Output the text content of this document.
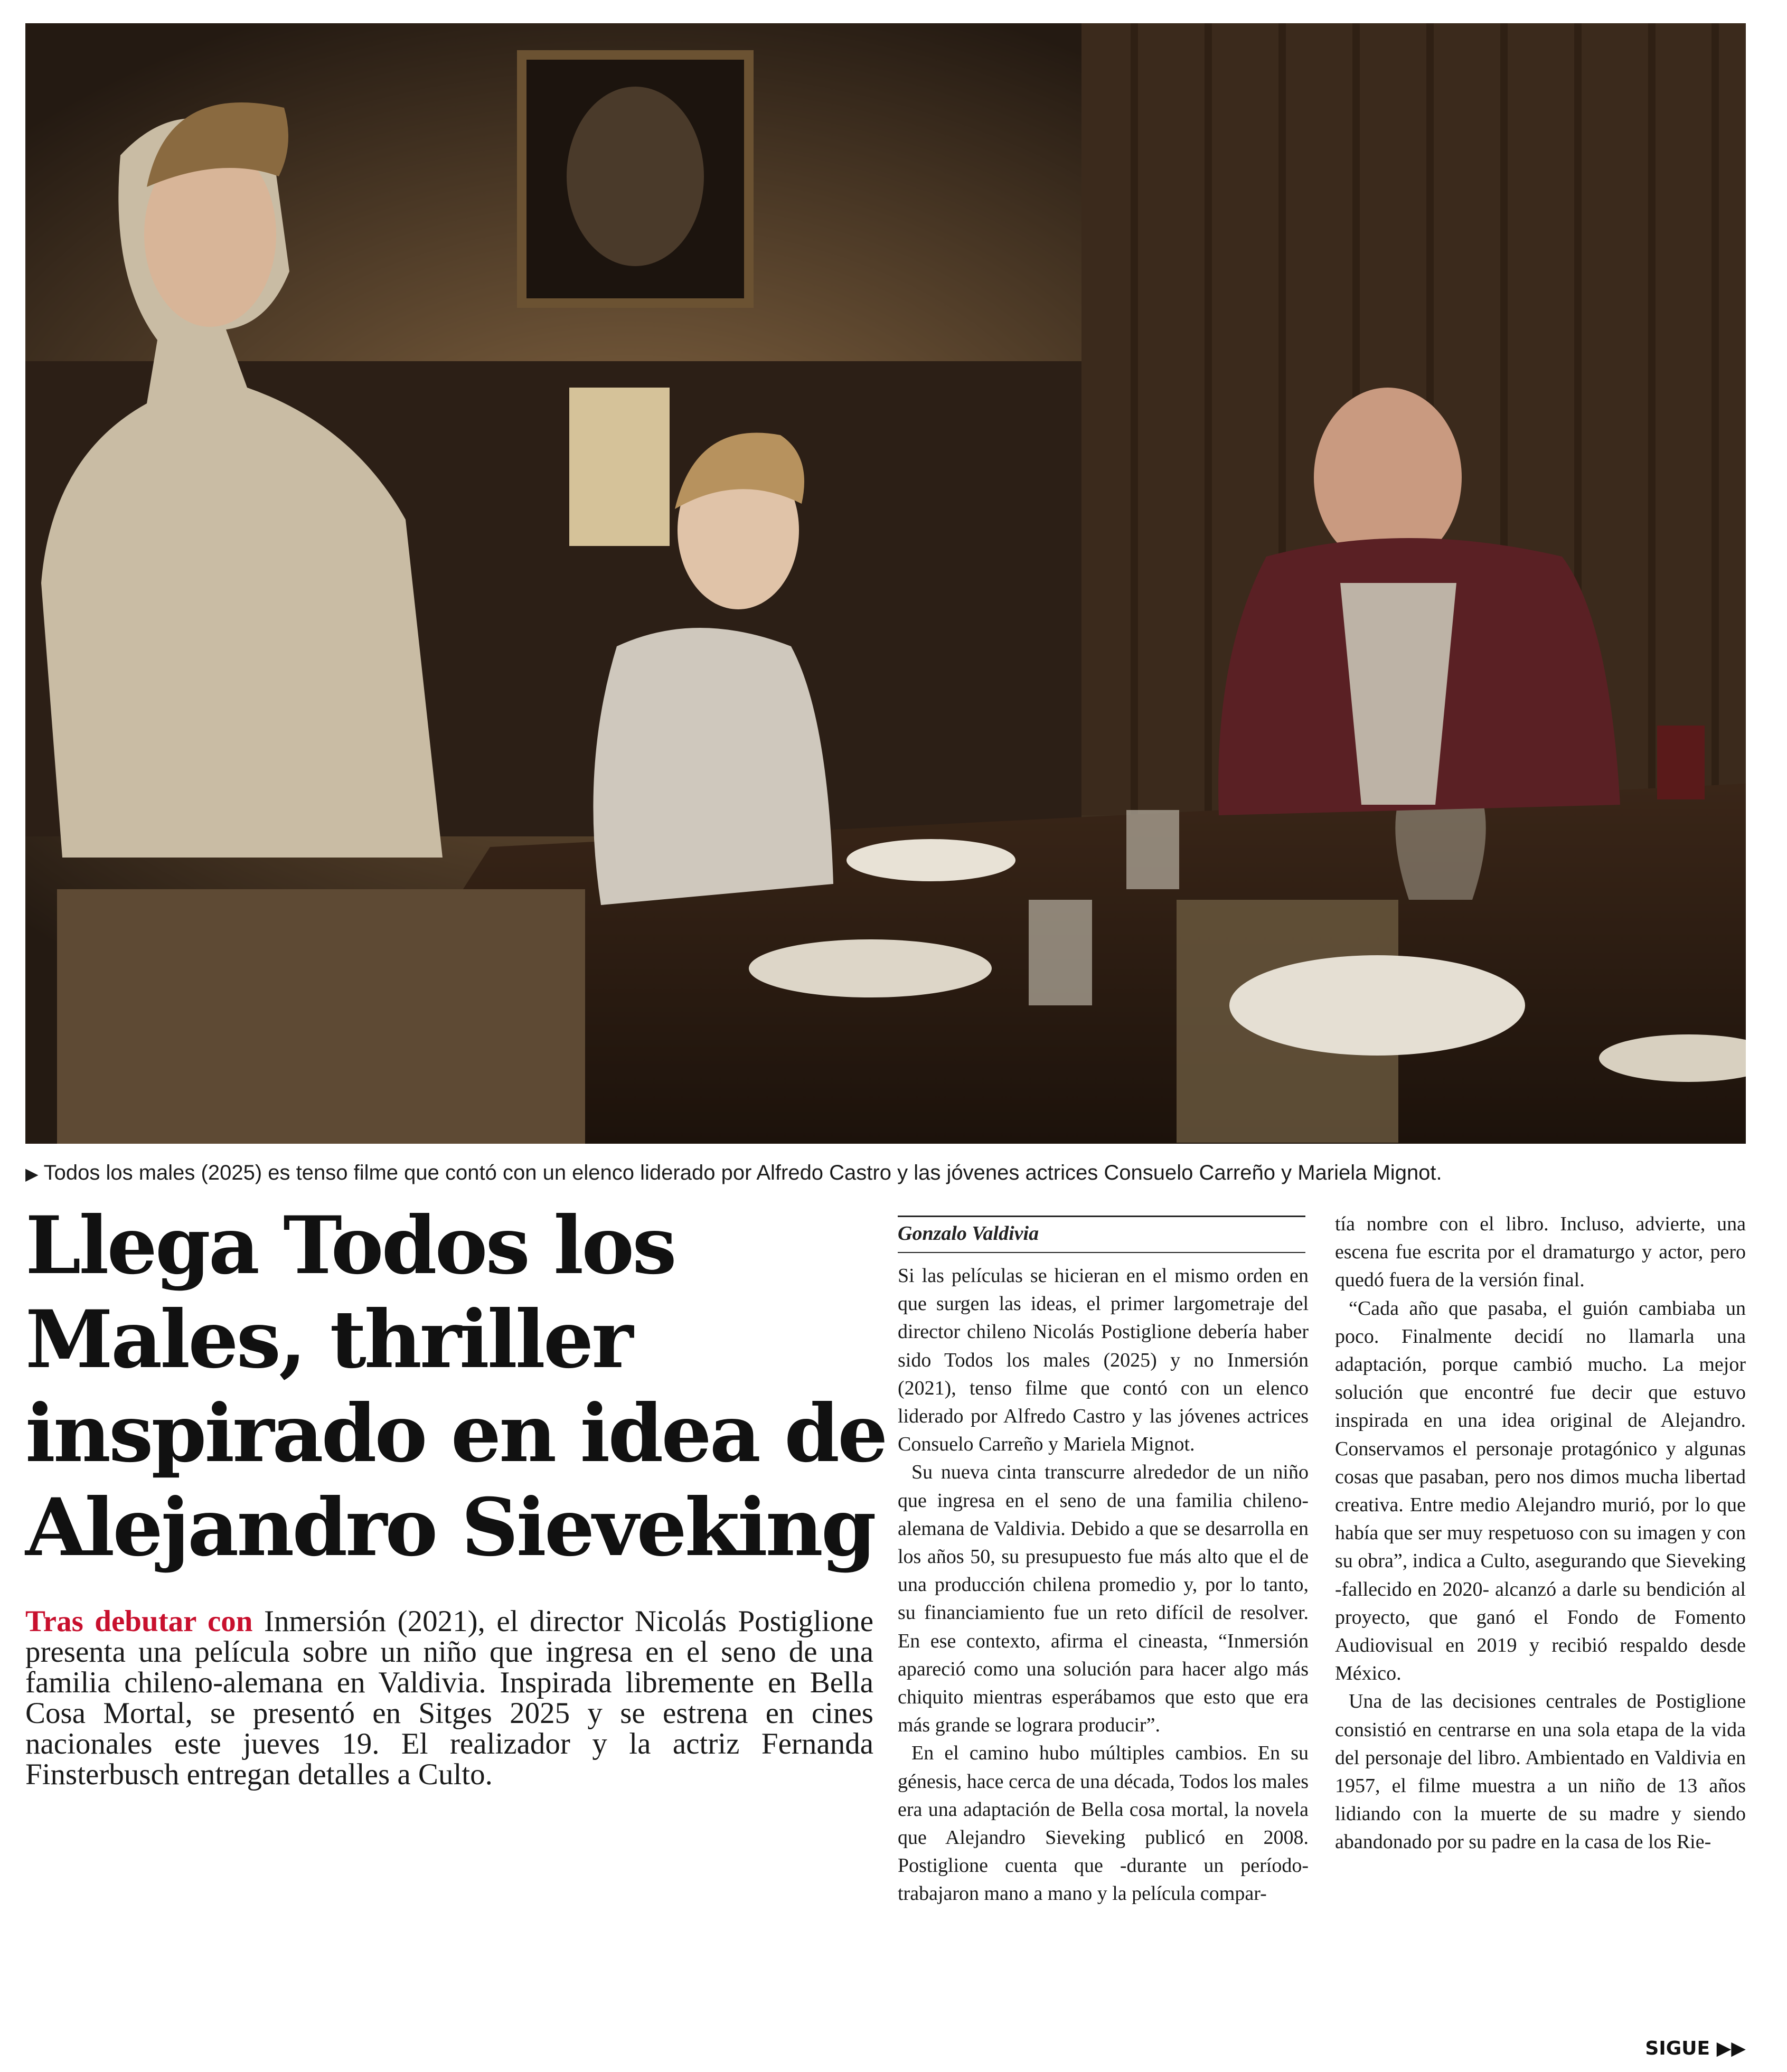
▶ Todos los males (2025) es tenso filme que contó con un elenco liderado por Alfredo Castro y las jóvenes actrices Consuelo Carreño y Mariela Mignot.
Llega Todos los Males, thriller inspirado en idea de Alejandro Sieveking

Tras debutar con Inmersión (2021), el director Nicolás Postiglione presenta una película sobre un niño que ingresa en el seno de una familia chileno-alemana en Valdivia. Inspirada libremente en Bella Cosa Mortal, se presentó en Sitges 2025 y se estrena en cines nacionales este jueves 19. El realizador y la actriz Fernanda Finsterbusch entregan detalles a Culto.

Gonzalo Valdivia

Si las películas se hicieran en el mismo orden en que surgen las ideas, el primer largometraje del director chileno Nicolás Postiglione debería haber sido Todos los males (2025) y no Inmersión (2021), tenso filme que contó con un elenco liderado por Alfredo Castro y las jóvenes actrices Consuelo Carreño y Mariela Mignot.

Su nueva cinta transcurre alrededor de un niño que ingresa en el seno de una familia chileno-alemana de Valdivia. Debido a que se desarrolla en los años 50, su presupuesto fue más alto que el de una producción chilena promedio y, por lo tanto, su financiamiento fue un reto difícil de resolver. En ese contexto, afirma el cineasta, “Inmersión apareció como una solución para hacer algo más chiquito mientras esperábamos que esto que era más grande se lograra producir”.

En el camino hubo múltiples cambios. En su génesis, hace cerca de una década, Todos los males era una adaptación de Bella cosa mortal, la novela que Alejandro Sieveking publicó en 2008. Postiglione cuenta que -durante un período- trabajaron mano a mano y la película compar-

tía nombre con el libro. Incluso, advierte, una escena fue escrita por el dramaturgo y actor, pero quedó fuera de la versión final.

“Cada año que pasaba, el guión cambiaba un poco. Finalmente decidí no llamarla una adaptación, porque cambió mucho. La mejor solución que encontré fue decir que estuvo inspirada en una idea original de Alejandro. Conservamos el personaje protagónico y algunas cosas que pasaban, pero nos dimos mucha libertad creativa. Entre medio Alejandro murió, por lo que había que ser muy respetuoso con su imagen y con su obra”, indica a Culto, asegurando que Sieveking -fallecido en 2020- alcanzó a darle su bendición al proyecto, que ganó el Fondo de Fomento Audiovisual en 2019 y recibió respaldo desde México.

Una de las decisiones centrales de Postiglione consistió en centrarse en una sola etapa de la vida del personaje del libro. Ambientado en Valdivia en 1957, el filme muestra a un niño de 13 años lidiando con la muerte de su madre y siendo abandonado por su padre en la casa de los Rie-

SIGUE ▶▶
